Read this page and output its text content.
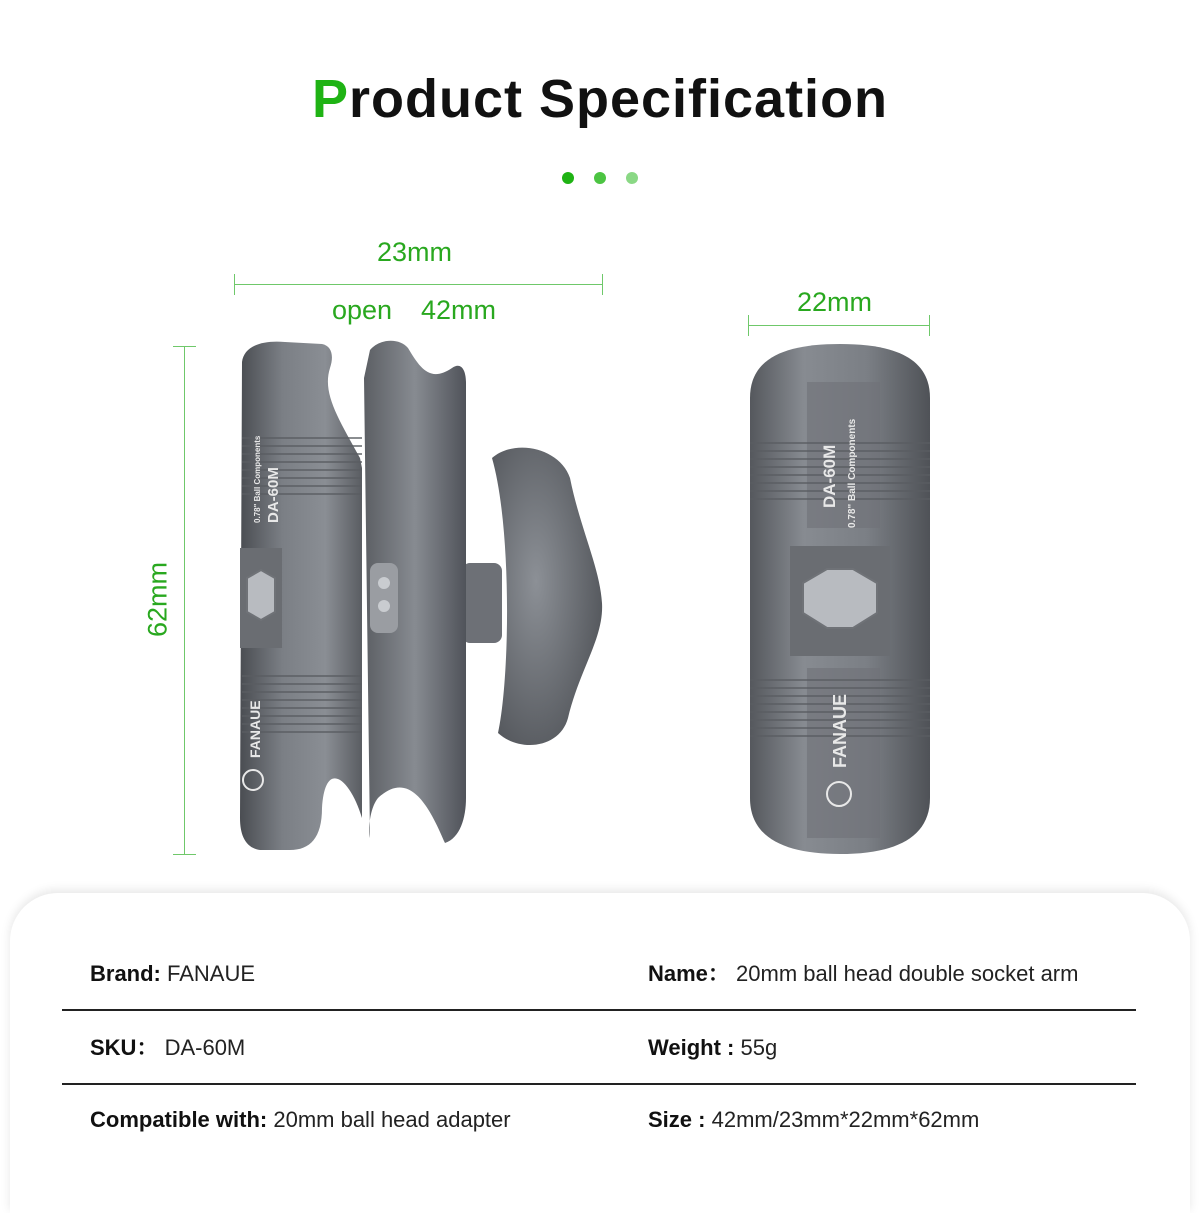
Product Specification
23mm
open 42mm	22mm
62mm
DA-60M
0.78" Ball Components
FANAUE
DA-60M 0.78" Ball Components
FANAUE
Brand: FANAUE	Name： 20mm ball head double socket arm
SKU： DA-60M	Weight : 55g
Compatible with: 20mm ball head adapter	Size : 42mm/23mm*22mm*62mm
